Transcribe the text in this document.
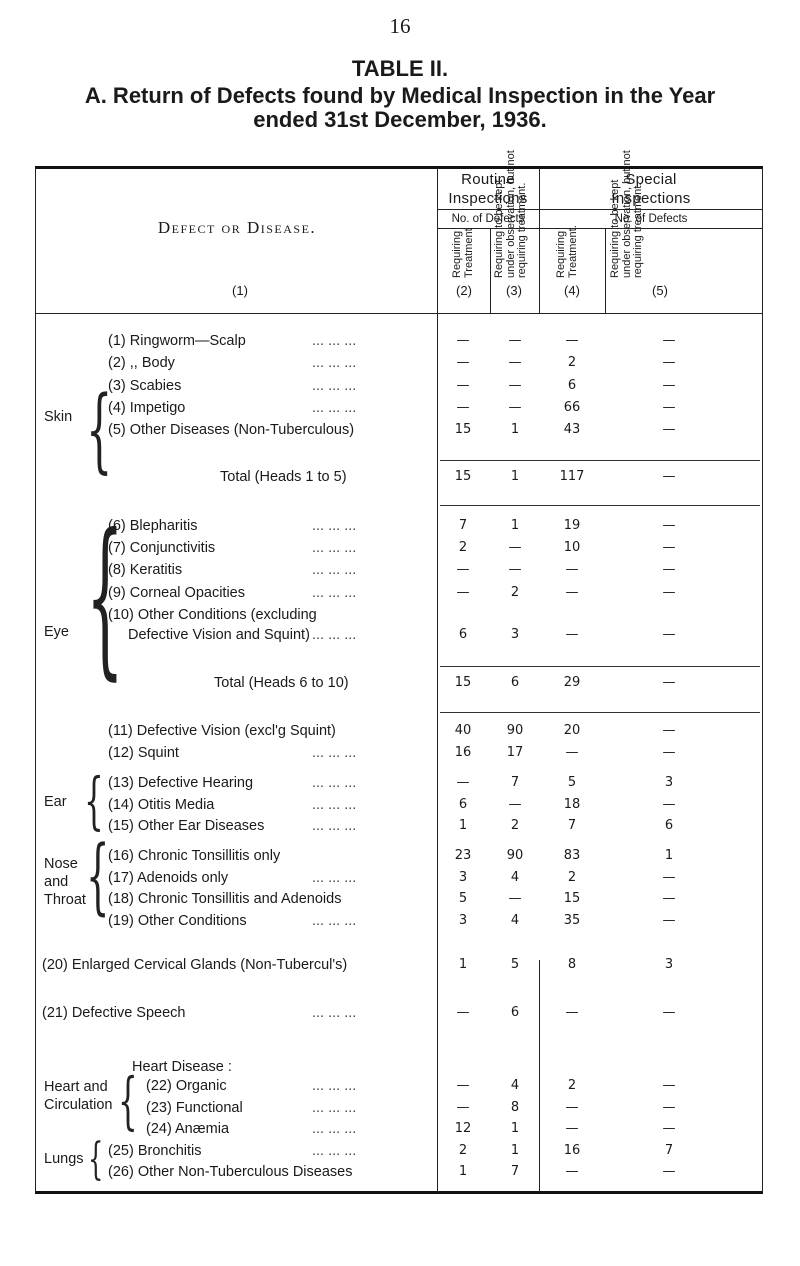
16
TABLE II.
A. Return of Defects found by Medical Inspection in the Year
ended 31st December, 1936.
Defect or Disease.
(1)
Routine Inspections
Special Inspections
No. of Defects	No. of Defects
Requiring Treatment	Requiring to be kept under observation, but not requiring treatment.	Requiring Treatment.	Requiring to be kept under observation, but not requiring treatment.
(2)	(3)	(4)	(5)
Skin
Eye
Ear
Nose and Throat
Heart and Circulation
Heart Disease :
Lungs
{
{
{
{
{
{
(1) Ringworm—Scalp	... ... ...	—	—	—	—
(2) ,, Body	... ... ...	—	—	2	—
(3) Scabies	... ... ...	—	—	6	—
(4) Impetigo	... ... ...	—	—	66	—
(5) Other Diseases (Non-Tuberculous)	15	1	43	—
Total (Heads 1 to 5)	15	1	117	—
(6) Blepharitis	... ... ...	7	1	19	—
(7) Conjunctivitis	... ... ...	2	—	10	—
(8) Keratitis	... ... ...	—	—	—	—
(9) Corneal Opacities	... ... ...	—	2	—	—
(10) Other Conditions (excluding
Defective Vision and Squint) ... ... ...	6	3	—	—
Total (Heads 6 to 10)	15	6	29	—
(11) Defective Vision (excl'g Squint)	40	90	20	—
(12) Squint	... ... ...	16	17	—	—
(13) Defective Hearing	... ... ...	—	7	5	3
(14) Otitis Media	... ... ...	6	—	18	—
(15) Other Ear Diseases	... ... ...	1	2	7	6
(16) Chronic Tonsillitis only	23	90	83	1
(17) Adenoids only	... ... ...	3	4	2	—
(18) Chronic Tonsillitis and Adenoids	5	—	15	—
(19) Other Conditions	... ... ...	3	4	35	—
(20) Enlarged Cervical Glands (Non-Tubercul's)	1	5	8	3
(21) Defective Speech	... ... ...	—	6	—	—
(22) Organic	... ... ...	—	4	2	—
(23) Functional	... ... ...	—	8	—	—
(24) Anæmia	... ... ...	12	1	—	—
(25) Bronchitis	... ... ...	2	1	16	7
(26) Other Non-Tuberculous Diseases	1	7	—	—
